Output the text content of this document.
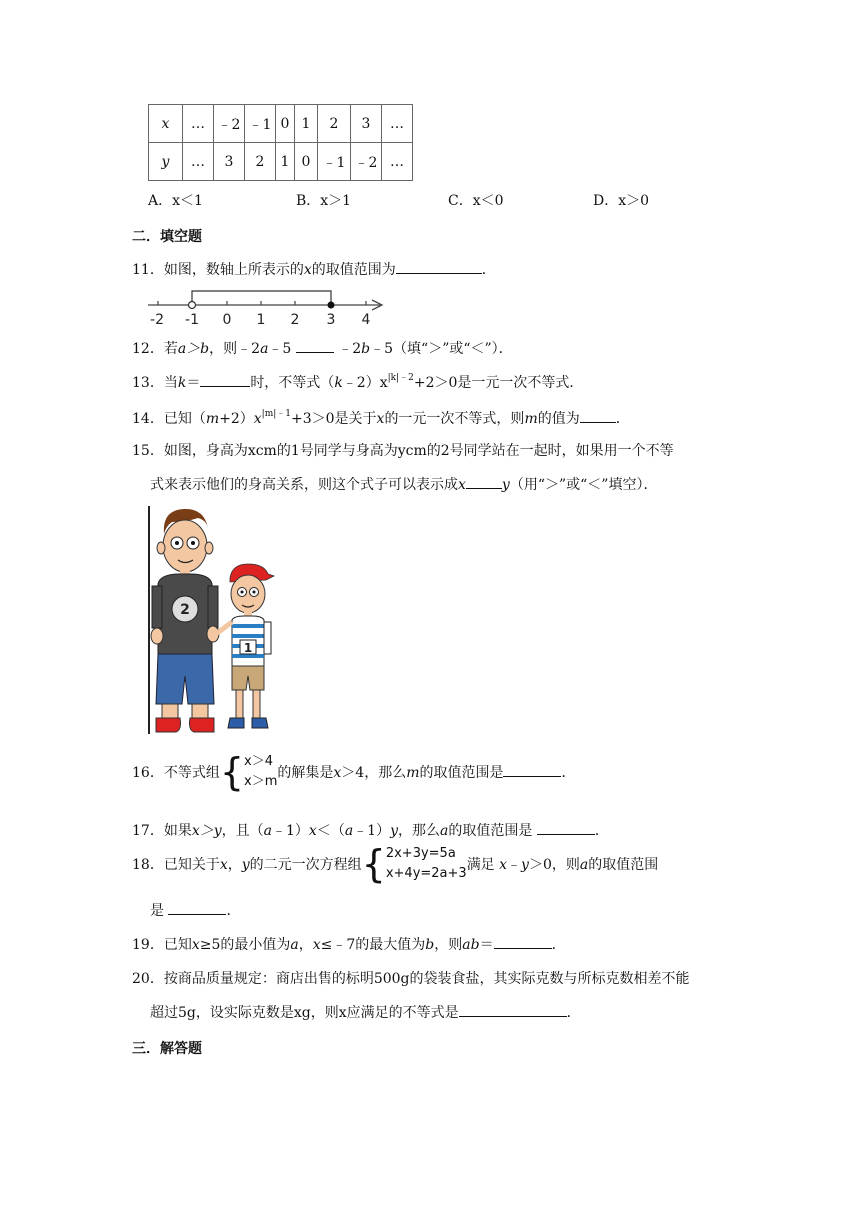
x	…	﹣2	﹣1	0	1	2	3	…
y	…	3	2	1	0	﹣1	﹣2	…
A．x＜1	B．x＞1	C．x＜0	D．x＞0
二．填空题
11．如图，数轴上所表示的x的取值范围为	．
-2 -1 0 1 2 3 4
12．若a＞b，则﹣2a﹣5	﹣2b﹣5（填“＞”或“＜”）．
13．当k＝	时，不等式$(k﹣2)x^{|k|﹣2}+2>0$是一元一次不等式．
14．已知$(m+2)x^{|m|﹣1}+3>0$是关于x的一元一次不等式，则m的值为	．
15．如图，身高为xcm的1号同学与身高为ycm的2号同学站在一起时，如果用一个不等
式来表示他们的身高关系，则这个式子可以表示成x	y（用“＞”或“＜”填空）．
2
1
16．不等式组{ x＞4
x＞m
的解集是x＞4，那么m的取值范围是	．
17．如果x＞y，且（a﹣1）x＜（a﹣1）y，那么a的取值范围是	．
18．已知关于x，y的二元一次方程组{ 2x+3y=5a
x+4y=2a+3
满足 x﹣y＞0，则a的取值范围
是	．
19．已知x≥5的最小值为a，x≤﹣7的最大值为b，则ab＝	．
20．按商品质量规定：商店出售的标明500g的袋装食盐，其实际克数与所标克数相差不能
超过5g，设实际克数是xg，则x应满足的不等式是	．
三．解答题
